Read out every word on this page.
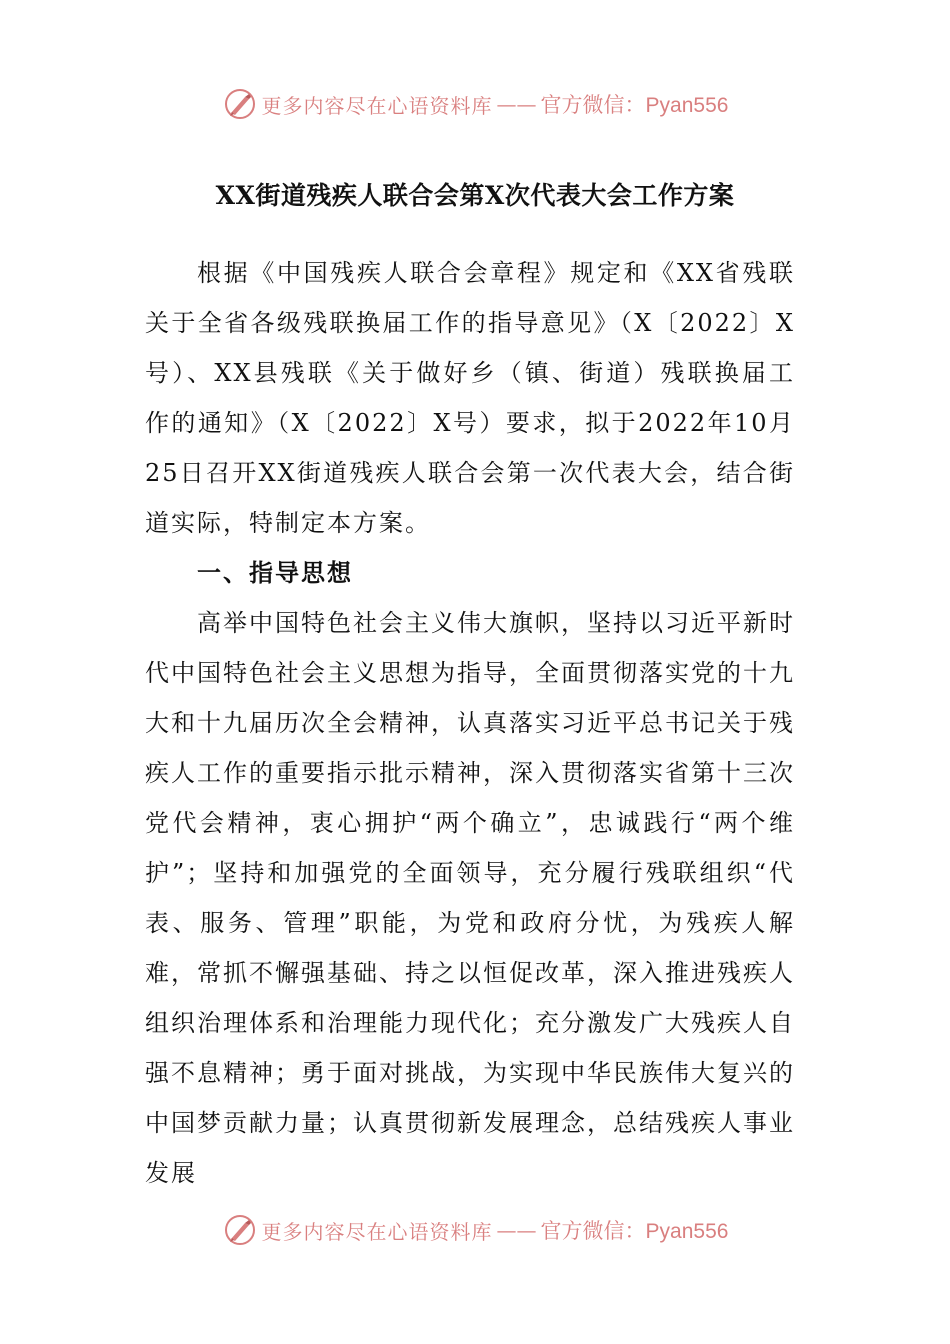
更多内容尽在心语资料库 —— 官方微信：Pyan556
XX街道残疾人联合会第X次代表大会工作方案

根据《中国残疾人联合会章程》规定和《XX省残联关于全省各级残联换届工作的指导意见》（X〔2022〕X号）、XX县残联《关于做好乡（镇、街道）残联换届工作的通知》（X〔2022〕X号）要求，拟于2022年10月25日召开XX街道残疾人联合会第一次代表大会，结合街道实际，特制定本方案。

一、指导思想

高举中国特色社会主义伟大旗帜，坚持以习近平新时代中国特色社会主义思想为指导，全面贯彻落实党的十九大和十九届历次全会精神，认真落实习近平总书记关于残疾人工作的重要指示批示精神，深入贯彻落实省第十三次党代会精神，衷心拥护“两个确立”，忠诚践行“两个维护”；坚持和加强党的全面领导，充分履行残联组织“代表、服务、管理”职能，为党和政府分忧，为残疾人解难，常抓不懈强基础、持之以恒促改革，深入推进残疾人组织治理体系和治理能力现代化；充分激发广大残疾人自强不息精神；勇于面对挑战，为实现中华民族伟大复兴的中国梦贡献力量；认真贯彻新发展理念，总结残疾人事业发展

更多内容尽在心语资料库 —— 官方微信：Pyan556
